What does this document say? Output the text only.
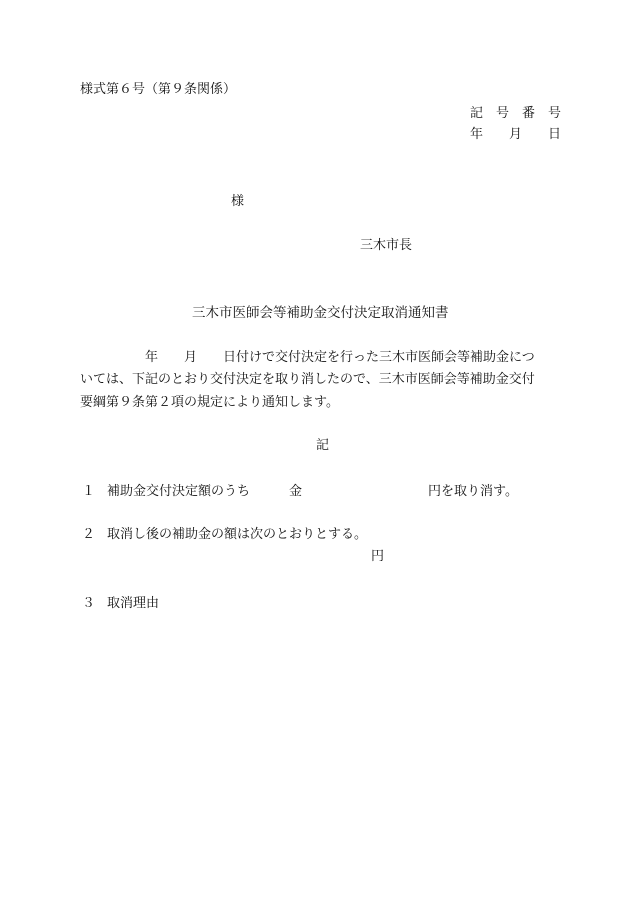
様式第６号（第９条関係）

記　号　番　号

年　　月　　日

様

三木市長

三木市医師会等補助金交付決定取消通知書

　　　　　年　　月　　日付けで交付決定を行った三木市医師会等補助金につ

いては、下記のとおり交付決定を取り消したので、三木市医師会等補助金交付

要綱第９条第２項の規定により通知します。

記

１ 補助金交付決定額のうち	金	円を取り消す。

２ 取消し後の補助金の額は次のとおりとする。

円

３ 取消理由
